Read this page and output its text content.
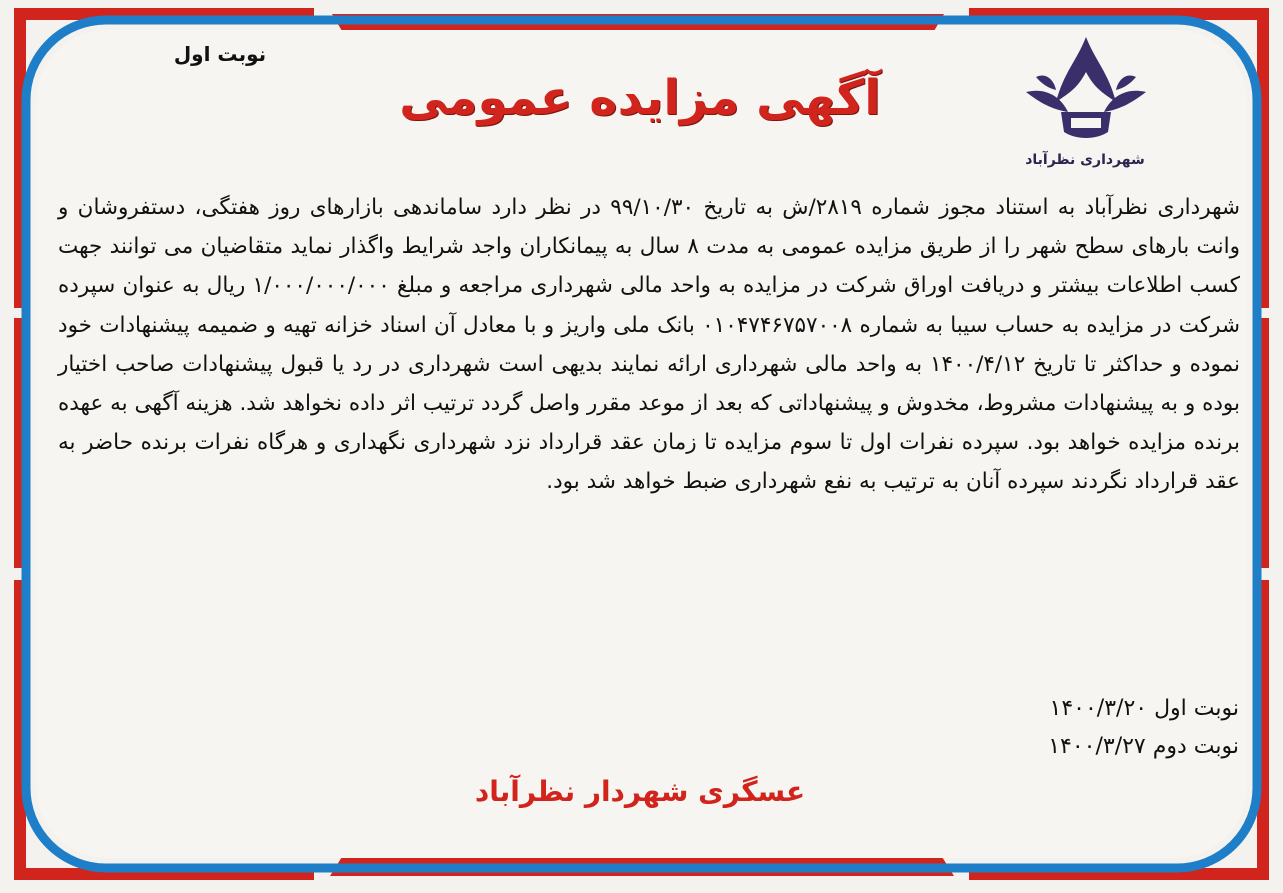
شهرداری نظرآباد
نوبت اول
آگهی مزایده عمومی

شهرداری نظرآباد به استناد مجوز شماره ۲۸۱۹/ش به تاریخ ۹۹/۱۰/۳۰ در نظر دارد ساماندهی بازارهای روز هفتگی، دستفروشان و وانت بارهای سطح شهر را از طریق مزایده عمومی به مدت ۸ سال به پیمانکاران واجد شرایط واگذار نماید متقاضیان می توانند جهت کسب اطلاعات بیشتر و دریافت اوراق شرکت در مزایده به واحد مالی شهرداری مراجعه و مبلغ ۱/۰۰۰/۰۰۰/۰۰۰ ریال به عنوان سپرده شرکت در مزایده به حساب سیبا به شماره ۰۱۰۴۷۴۶۷۵۷۰۰۸ بانک ملی واریز و با معادل آن اسناد خزانه تهیه و ضمیمه پیشنهادات خود نموده و حداکثر تا تاریخ ۱۴۰۰/۴/۱۲ به واحد مالی شهرداری ارائه نمایند بدیهی است شهرداری در رد یا قبول پیشنهادات صاحب اختیار بوده و به پیشنهادات مشروط، مخدوش و پیشنهاداتی که بعد از موعد مقرر واصل گردد ترتیب اثر داده نخواهد شد. هزینه آگهی به عهده برنده مزایده خواهد بود. سپرده نفرات اول تا سوم مزایده تا زمان عقد قرارداد نزد شهرداری نگهداری و هرگاه نفرات برنده حاضر به عقد قرارداد نگردند سپرده آنان به ترتیب به نفع شهرداری ضبط خواهد شد بود.

نوبت اول ۱۴۰۰/۳/۲۰
نوبت دوم ۱۴۰۰/۳/۲۷
عسگری شهردار نظرآباد
